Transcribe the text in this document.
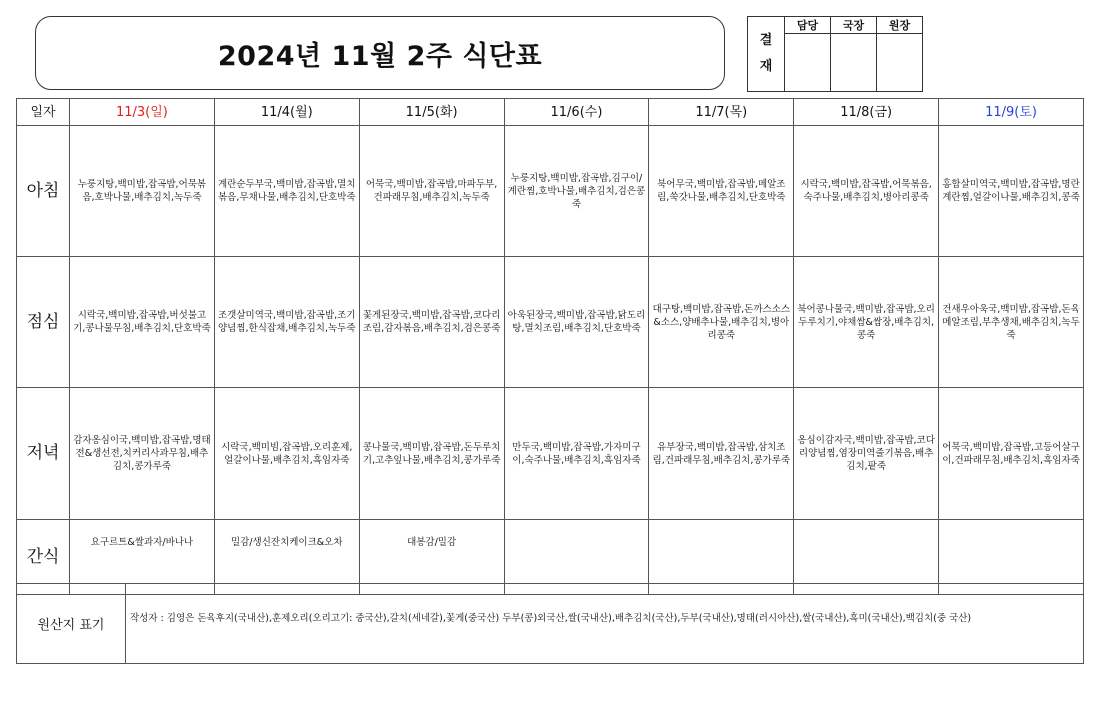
2024년 11월 2주 식단표	결
재	담당	국장	원장

일자	11/3(일)	11/4(월)	11/5(화)	11/6(수)	11/7(목)	11/8(금)	11/9(토)
아침	누룽지탕,백미밥,잡곡밥,어묵볶음,호박나물,배추김치,녹두죽	계란순두부국,백미밥,잡곡밥,멸치볶음,무채나물,배추김치,단호박죽	어묵국,백미밥,잡곡밥,마파두부,건파래무침,배추김치,녹두죽	누룽지탕,백미밥,잡곡밥,김구이/계란찜,호박나물,배추김치,검은콩죽	북어무국,백미밥,잡곡밥,메알조림,쑥갓나물,배추김치,단호박죽	시락국,백미밥,잡곡밥,어묵볶음,숙주나물,배추김치,병아리콩죽	홍합살미역국,백미밥,잡곡밥,명란계란찜,얼갈이나물,배추김치,콩죽
점심	시락국,백미밥,잡곡밥,버섯불고기,콩나물무침,배추김치,단호박죽	조갯살미역국,백미밥,잡곡밥,조기양념찜,한식잡채,배추김치,녹두죽	꽃게된장국,백미밥,잡곡밥,코다리조림,감자볶음,배추김치,검은콩죽	아욱된장국,백미밥,잡곡밥,닭도리탕,멸치조림,배추김치,단호박죽	대구탕,백미밥,잡곡밥,돈까스소스&소스,양배추나물,배추김치,병아리콩죽	북어콩나물국,백미밥,잡곡밥,오리두루치기,야채쌈&쌈장,배추김치,콩죽	건새우아욱국,백미밥,잡곡밥,돈육메알조림,부추생채,배추김치,녹두죽
저녁	감자옹심이국,백미밥,잡곡밥,명태전&생선전,치커리사과무침,배추김치,콩가루죽	시락국,백미빔,잡곡밥,오리훈제,얼갈이나물,배추김치,흑임자죽	콩나물국,백미밥,잡곡밥,돈두루치기,고추잎나물,배추김치,콩가루죽	만두국,백미밥,잡곡밥,가자미구이,숙주나물,배추김치,흑임자죽	유부장국,백미밥,잡곡밥,삼치조림,건파래무침,배추김치,콩가루죽	옹심이감자국,백미밥,잡곡밥,코다리양념찜,염장미역줄기볶음,배추김치,팥죽	어묵국,백미밥,잡곡밥,고등어살구이,건파래무침,배추김치,흑임자죽
간식	요구르트&쌀과자/바나나	밀감/생신잔치케이크&오차	대봉감/밀감				
원산지 표기	작성자 : 김영은 돈육후지(국내산),훈제오리(오리고기: 중국산),갈치(세네갈),꽃게(중국산) 두부(콩)외국산,쌀(국내산),배추김치(국산),두부(국내산),명태(러시아산),쌀(국내산),흑미(국내산),백김치(중 국산)
